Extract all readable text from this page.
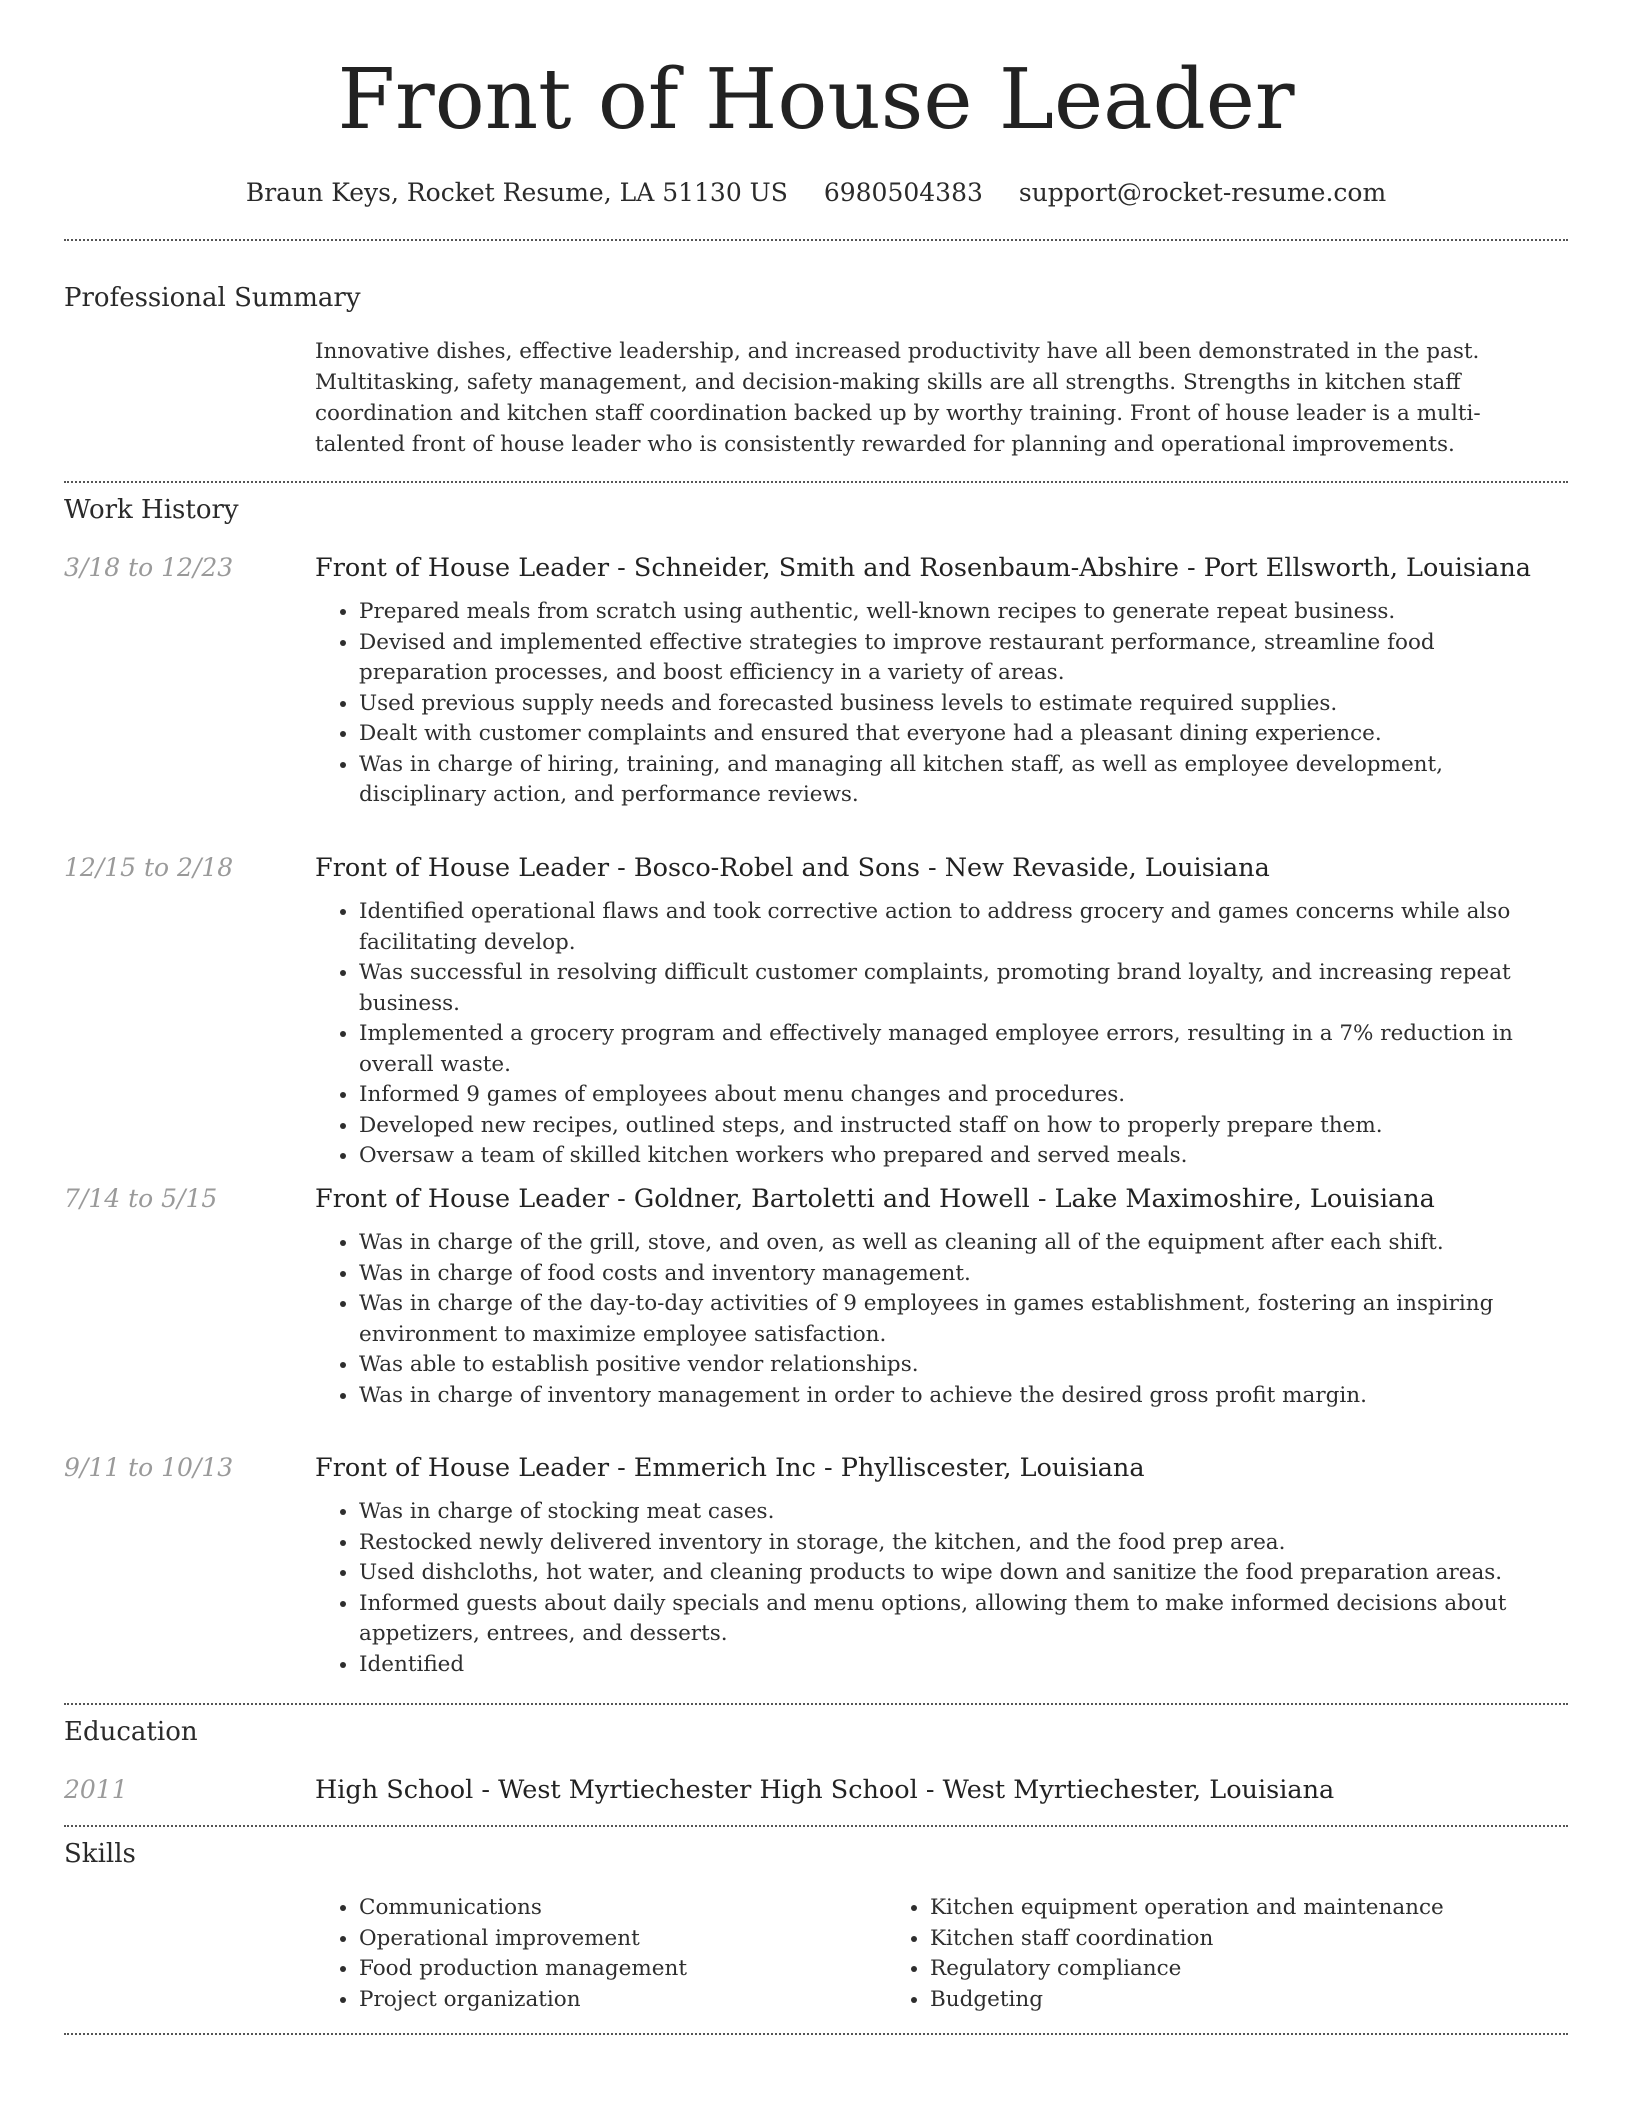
Front of House Leader
Braun Keys, Rocket Resume, LA 51130 US 6980504383 support@rocket-resume.com
Professional Summary
Innovative dishes, effective leadership, and increased productivity have all been demonstrated in the past. Multitasking, safety management, and decision-making skills are all strengths. Strengths in kitchen staff coordination and kitchen staff coordination backed up by worthy training. Front of house leader is a multi-talented front of house leader who is consistently rewarded for planning and operational improvements.
Work History
3/18 to 12/23	Front of House Leader - Schneider, Smith and Rosenbaum-Abshire - Port Ellsworth, Louisiana
• Prepared meals from scratch using authentic, well-known recipes to generate repeat business.
• Devised and implemented effective strategies to improve restaurant performance, streamline food preparation processes, and boost efficiency in a variety of areas.
• Used previous supply needs and forecasted business levels to estimate required supplies.
• Dealt with customer complaints and ensured that everyone had a pleasant dining experience.
• Was in charge of hiring, training, and managing all kitchen staff, as well as employee development, disciplinary action, and performance reviews.
12/15 to 2/18	Front of House Leader - Bosco-Robel and Sons - New Revaside, Louisiana
• Identified operational flaws and took corrective action to address grocery and games concerns while also facilitating develop.
• Was successful in resolving difficult customer complaints, promoting brand loyalty, and increasing repeat business.
• Implemented a grocery program and effectively managed employee errors, resulting in a 7% reduction in overall waste.
• Informed 9 games of employees about menu changes and procedures.
• Developed new recipes, outlined steps, and instructed staff on how to properly prepare them.
• Oversaw a team of skilled kitchen workers who prepared and served meals.
7/14 to 5/15	Front of House Leader - Goldner, Bartoletti and Howell - Lake Maximoshire, Louisiana
• Was in charge of the grill, stove, and oven, as well as cleaning all of the equipment after each shift.
• Was in charge of food costs and inventory management.
• Was in charge of the day-to-day activities of 9 employees in games establishment, fostering an inspiring environment to maximize employee satisfaction.
• Was able to establish positive vendor relationships.
• Was in charge of inventory management in order to achieve the desired gross profit margin.
9/11 to 10/13	Front of House Leader - Emmerich Inc - Phylliscester, Louisiana
• Was in charge of stocking meat cases.
• Restocked newly delivered inventory in storage, the kitchen, and the food prep area.
• Used dishcloths, hot water, and cleaning products to wipe down and sanitize the food preparation areas.
• Informed guests about daily specials and menu options, allowing them to make informed decisions about appetizers, entrees, and desserts.
• Identified
Education
2011	High School - West Myrtiechester High School - West Myrtiechester, Louisiana
Skills
• Communications
• Operational improvement
• Food production management
• Project organization
• Kitchen equipment operation and maintenance
• Kitchen staff coordination
• Regulatory compliance
• Budgeting
